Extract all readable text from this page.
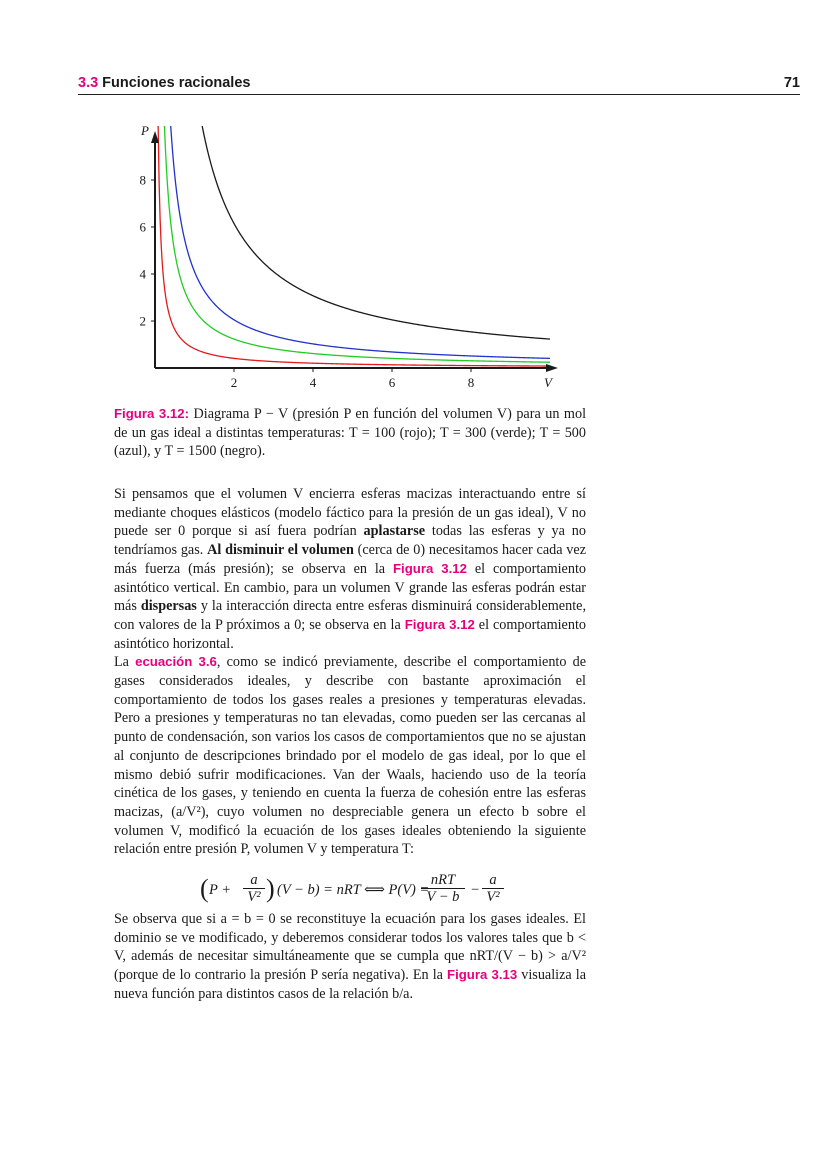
3.3 Funciones racionales	71
2	4	6	8
2
4
6
8
V
P
Figura 3.12: Diagrama P − V (presión P en función del volumen V) para un mol de un gas ideal a distintas temperaturas: T = 100 (rojo); T = 300 (verde); T = 500 (azul), y T = 1500 (negro).

Si pensamos que el volumen V encierra esferas macizas interactuando entre sí mediante choques elásticos (modelo fáctico para la presión de un gas ideal), V no puede ser 0 porque si así fuera podrían aplastarse todas las esferas y ya no tendríamos gas. Al disminuir el volumen (cerca de 0) necesitamos hacer cada vez más fuerza (más presión); se observa en la Figura 3.12 el comportamiento asintótico vertical. En cambio, para un volumen V grande las esferas podrán estar más dispersas y la interacción directa entre esferas disminuirá considerablemente, con valores de la P próximos a 0; se observa en la Figura 3.12 el comportamiento asintótico horizontal.

La ecuación 3.6, como se indicó previamente, describe el comportamiento de gases considerados ideales, y describe con bastante aproximación el comportamiento de todos los gases reales a presiones y temperaturas elevadas. Pero a presiones y temperaturas no tan elevadas, como pueden ser las cercanas al punto de condensación, son varios los casos de comportamientos que no se ajustan al conjunto de descripciones brindado por el modelo de gas ideal, por lo que el mismo debió sufrir modificaciones. Van der Waals, haciendo uso de la teoría cinética de los gases, y teniendo en cuenta la fuerza de cohesión entre las esferas macizas, (a/V²), cuyo volumen no despreciable genera un efecto b sobre el volumen V, modificó la ecuación de los gases ideales obteniendo la siguiente relación entre presión P, volumen V y temperatura T:

( $P + \frac{a}{\text{V²}}$ ) (V − b) = nRT ⟺ P(V) =
nRT
$V - b - \frac{a}{\text{V²}}$

Se observa que si a = b = 0 se reconstituye la ecuación para los gases ideales. El dominio se ve modificado, y deberemos considerar todos los valores tales que b < V, además de necesitar simultáneamente que se cumpla que nRT/(V − b) > a/V² (porque de lo contrario la presión P sería negativa). En la Figura 3.13 visualiza la nueva función para distintos casos de la relación b/a.
